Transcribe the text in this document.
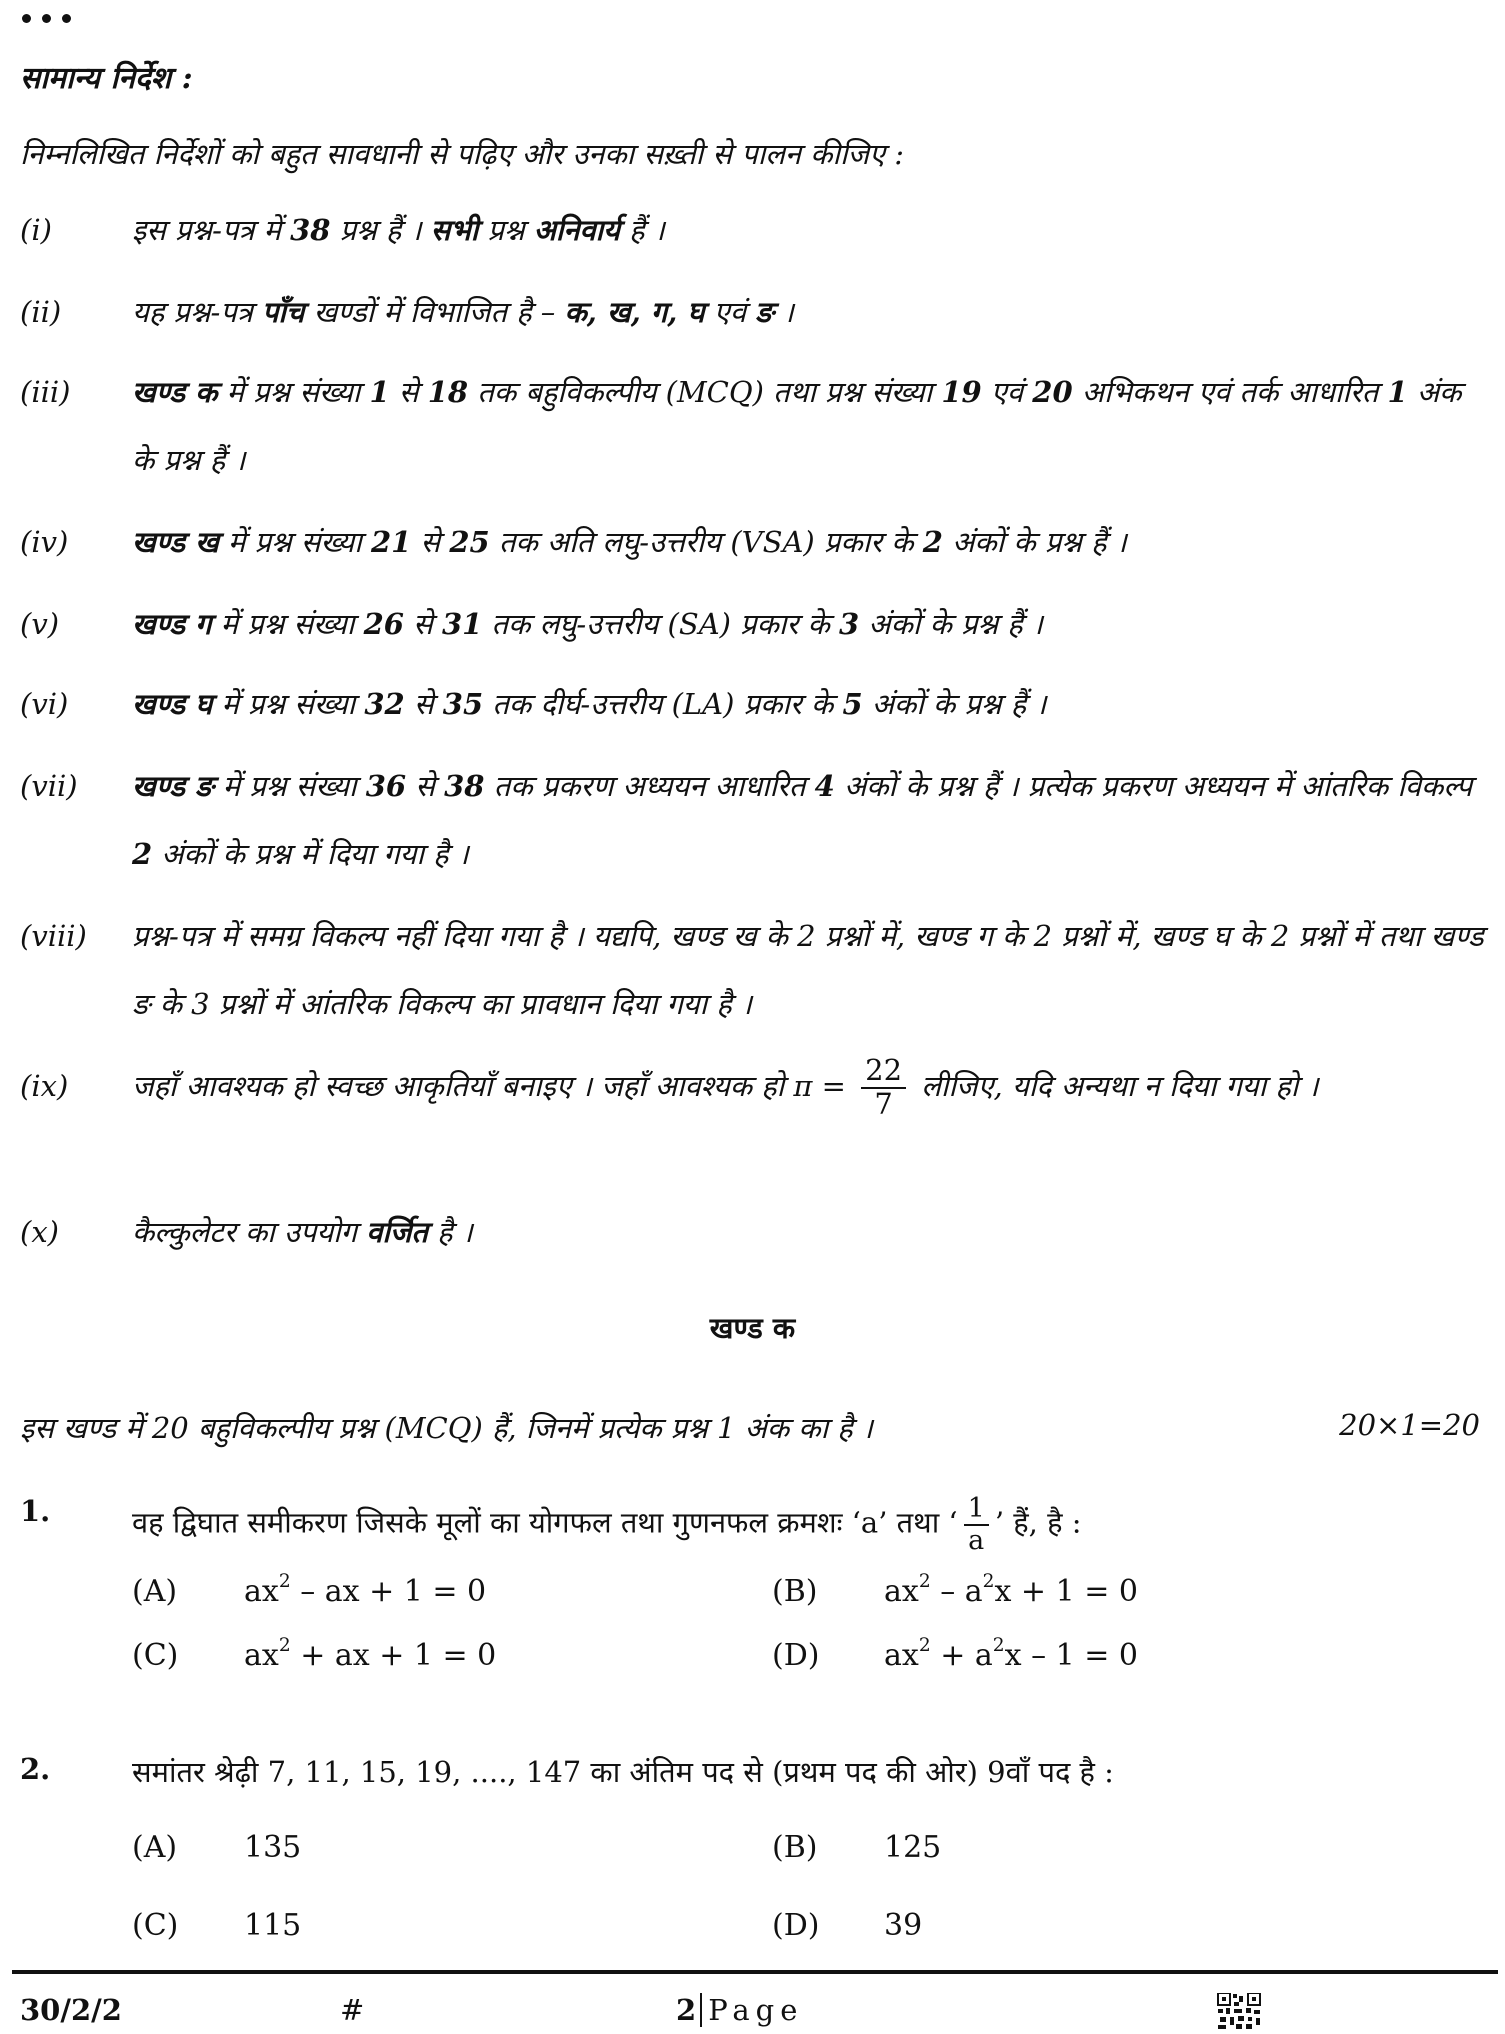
सामान्य निर्देश :
निम्नलिखित निर्देशों को बहुत सावधानी से पढ़िए और उनका सख़्ती से पालन कीजिए :
(i)	इस प्रश्न-पत्र में 38 प्रश्न हैं । सभी प्रश्न अनिवार्य हैं ।
(ii) यह प्रश्न-पत्र पाँच खण्डों में विभाजित है – क, ख, ग, घ एवं ङ ।
(iii) खण्ड क में प्रश्न संख्या 1 से 18 तक बहुविकल्पीय (MCQ) तथा प्रश्न संख्या 19 एवं 20 अभिकथन एवं तर्क आधारित 1 अंक के प्रश्न हैं ।
(iv) खण्ड ख में प्रश्न संख्या 21 से 25 तक अति लघु-उत्तरीय (VSA) प्रकार के 2 अंकों के प्रश्न हैं ।
(v)	खण्ड ग में प्रश्न संख्या 26 से 31 तक लघु-उत्तरीय (SA) प्रकार के 3 अंकों के प्रश्न हैं ।
(vi) खण्ड घ में प्रश्न संख्या 32 से 35 तक दीर्घ-उत्तरीय (LA) प्रकार के 5 अंकों के प्रश्न हैं ।
(vii) खण्ड ङ में प्रश्न संख्या 36 से 38 तक प्रकरण अध्ययन आधारित 4 अंकों के प्रश्न हैं । प्रत्येक प्रकरण अध्ययन में आंतरिक विकल्प 2 अंकों के प्रश्न में दिया गया है ।
(viii) प्रश्न-पत्र में समग्र विकल्प नहीं दिया गया है । यद्यपि, खण्ड ख के 2 प्रश्नों में, खण्ड ग के 2 प्रश्नों में, खण्ड घ के 2 प्रश्नों में तथा खण्ड ङ के 3 प्रश्नों में आंतरिक विकल्प का प्रावधान दिया गया है ।
(ix) जहाँ आवश्यक हो स्वच्छ आकृतियाँ बनाइए । जहाँ आवश्यक हो $\pi = \frac{22}{7}$ लीजिए, यदि अन्यथा न दिया गया हो ।
(x)	कैल्कुलेटर का उपयोग वर्जित है ।
खण्ड क
इस खण्ड में 20 बहुविकल्पीय प्रश्न (MCQ) हैं, जिनमें प्रत्येक प्रश्न 1 अंक का है ।	20×1=20
1.	वह द्विघात समीकरण जिसके मूलों का योगफल तथा गुणनफल क्रमशः ‘a’ तथा ‘ $\frac{1}{a}$ ’ हैं, है :
(A) $ax^2$ – ax + 1 = 0	(B) $ax^2 - a^2x + 1 = 0$
(C) $ax^2$ + ax + 1 = 0	(D) $ax^2 + a^2x - 1 = 0$
2.	समांतर श्रेढ़ी 7, 11, 15, 19, ...., 147 का अंतिम पद से (प्रथम पद की ओर) 9वाँ पद है :
(A) 135	(B) 125
(C) 115	(D) 39
30/2/2	#	2 Page
